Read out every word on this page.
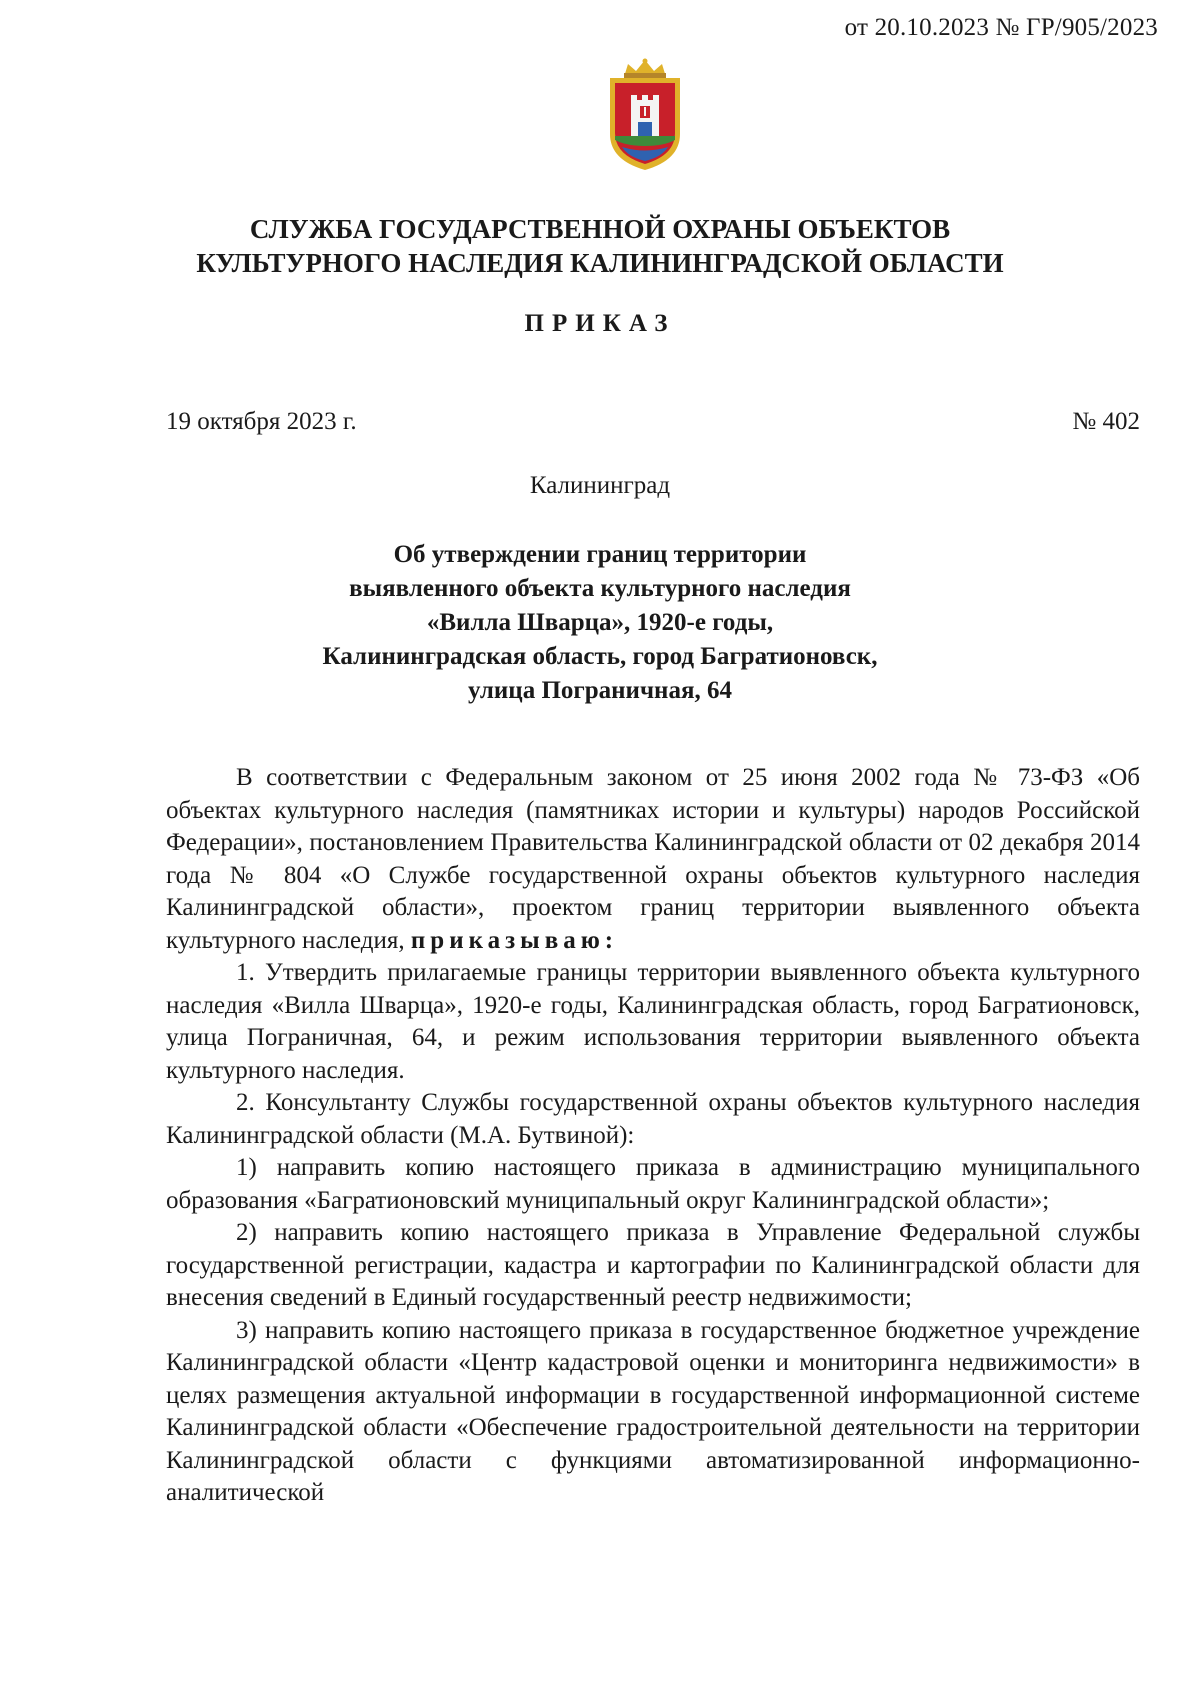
от 20.10.2023 № ГР/905/2023
СЛУЖБА ГОСУДАРСТВЕННОЙ ОХРАНЫ ОБЪЕКТОВ
КУЛЬТУРНОГО НАСЛЕДИЯ КАЛИНИНГРАДСКОЙ ОБЛАСТИ
ПРИКАЗ
19 октября 2023 г.	№ 402
Калининград
Об утверждении границ территории
выявленного объекта культурного наследия
«Вилла Шварца», 1920-е годы,
Калининградская область, город Багратионовск,
улица Пограничная, 64

В соответствии с Федеральным законом от 25 июня 2002 года № 73-ФЗ «Об объектах культурного наследия (памятниках истории и культуры) народов Российской Федерации», постановлением Правительства Калининградской области от 02 декабря 2014 года № 804 «О Службе государственной охраны объектов культурного наследия Калининградской области», проектом границ территории выявленного объекта культурного наследия, приказываю:

1. Утвердить прилагаемые границы территории выявленного объекта культурного наследия «Вилла Шварца», 1920-е годы, Калининградская область, город Багратионовск, улица Пограничная, 64, и режим использования территории выявленного объекта культурного наследия.

2. Консультанту Службы государственной охраны объектов культурного наследия Калининградской области (М.А. Бутвиной):

1) направить копию настоящего приказа в администрацию муниципального образования «Багратионовский муниципальный округ Калининградской области»;

2) направить копию настоящего приказа в Управление Федеральной службы государственной регистрации, кадастра и картографии по Калининградской области для внесения сведений в Единый государственный реестр недвижимости;

3) направить копию настоящего приказа в государственное бюджетное учреждение Калининградской области «Центр кадастровой оценки и мониторинга недвижимости» в целях размещения актуальной информации в государственной информационной системе Калининградской области «Обеспечение градостроительной деятельности на территории Калининградской области с функциями автоматизированной информационно-аналитической
